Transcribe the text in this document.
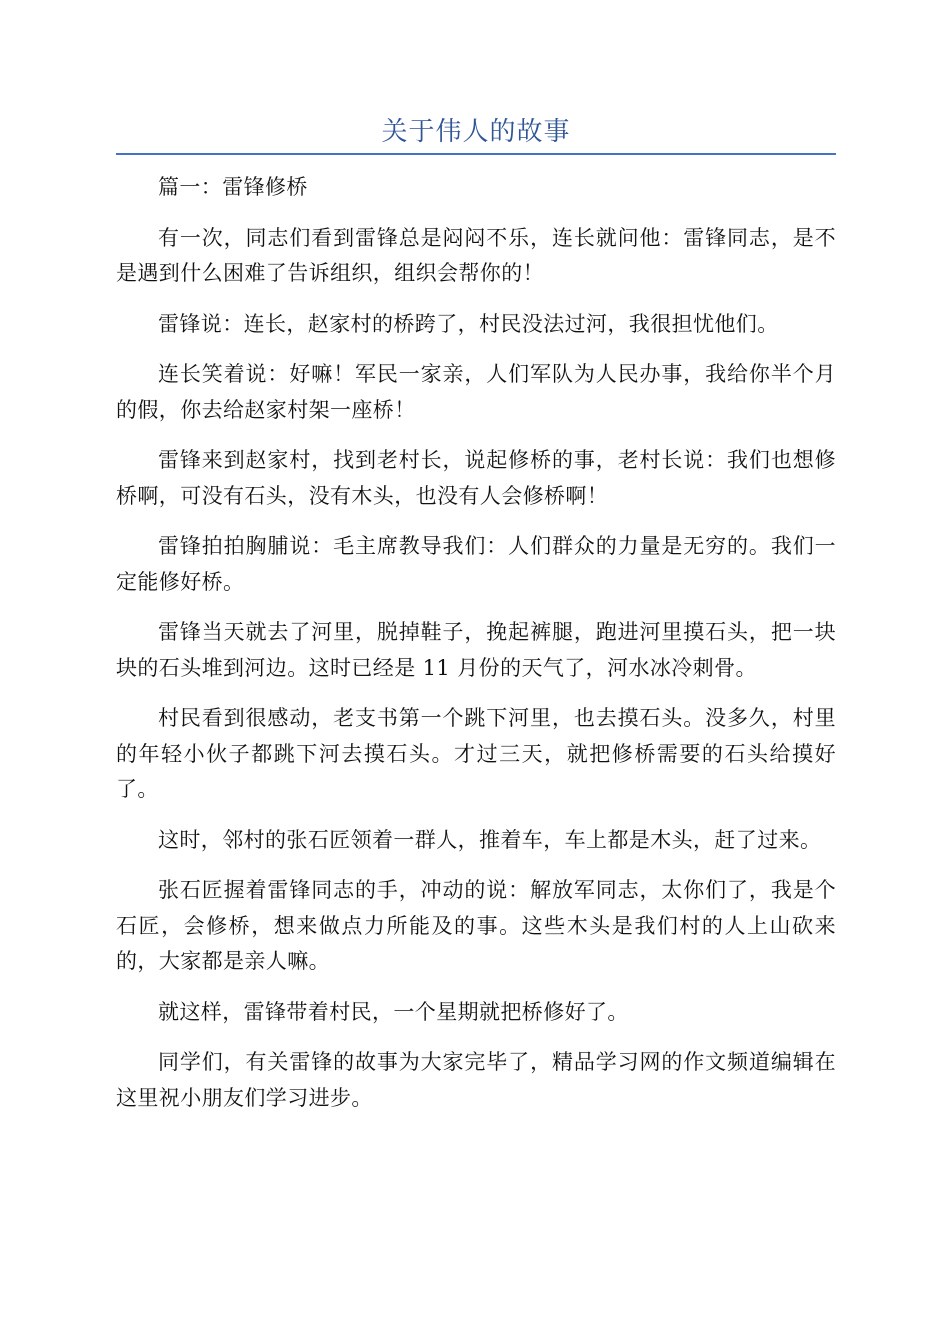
关于伟人的故事

篇一：雷锋修桥

有一次，同志们看到雷锋总是闷闷不乐，连长就问他：雷锋同志，是不是遇到什么困难了告诉组织，组织会帮你的！

雷锋说：连长，赵家村的桥跨了，村民没法过河，我很担忧他们。

连长笑着说：好嘛！军民一家亲，人们军队为人民办事，我给你半个月的假，你去给赵家村架一座桥！

雷锋来到赵家村，找到老村长，说起修桥的事，老村长说：我们也想修桥啊，可没有石头，没有木头，也没有人会修桥啊！

雷锋拍拍胸脯说：毛主席教导我们：人们群众的力量是无穷的。我们一定能修好桥。

雷锋当天就去了河里，脱掉鞋子，挽起裤腿，跑进河里摸石头，把一块块的石头堆到河边。这时已经是 11 月份的天气了，河水冰冷刺骨。

村民看到很感动，老支书第一个跳下河里，也去摸石头。没多久，村里的年轻小伙子都跳下河去摸石头。才过三天，就把修桥需要的石头给摸好了。

这时，邻村的张石匠领着一群人，推着车，车上都是木头，赶了过来。

张石匠握着雷锋同志的手，冲动的说：解放军同志，太你们了，我是个石匠，会修桥，想来做点力所能及的事。这些木头是我们村的人上山砍来的，大家都是亲人嘛。

就这样，雷锋带着村民，一个星期就把桥修好了。

同学们，有关雷锋的故事为大家完毕了，精品学习网的作文频道编辑在这里祝小朋友们学习进步。
